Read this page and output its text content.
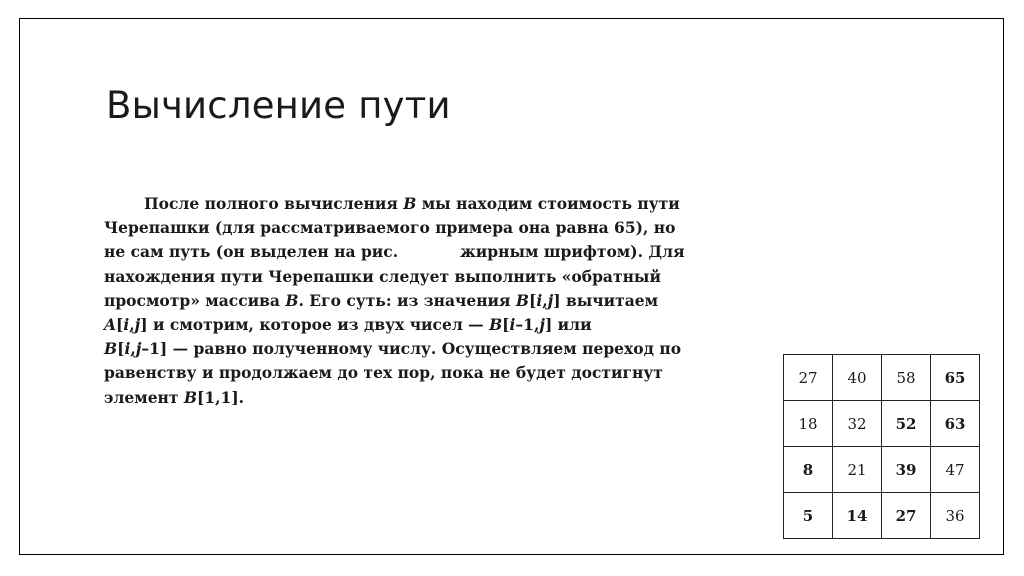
Вычисление пути
После полного вычисления B мы находим стоимость пути
Черепашки (для рассматриваемого примера она равна 65), но
не сам путь (он выделен на рис.	жирным шрифтом). Для
нахождения пути Черепашки следует выполнить «обратный
просмотр» массива B. Его суть: из значения B[i,j] вычитаем
A[i,j] и смотрим, которое из двух чисел — B[i–1,j] или
B[i,j–1] — равно полученному числу. Осуществляем переход по
равенству и продолжаем до тех пор, пока не будет достигнут
элемент B[1,1].
27	40	58	65
18	32	52	63
8	21	39	47
5	14	27	36
